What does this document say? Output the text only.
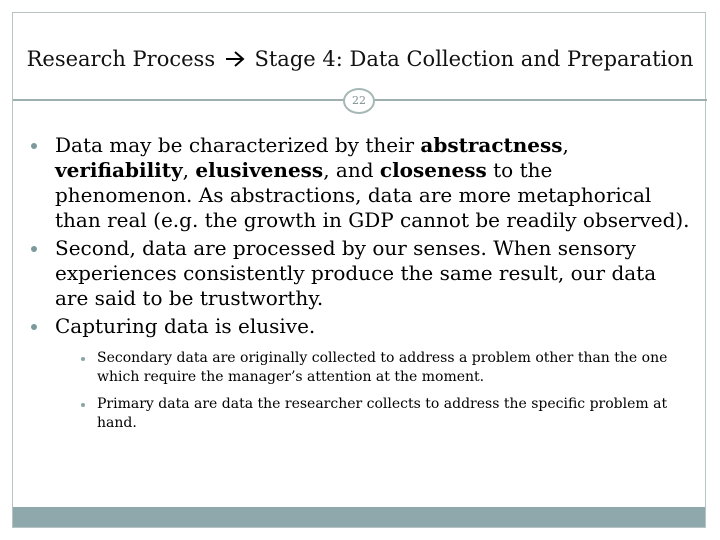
Research Process Stage 4: Data Collection and Preparation
22
Data may be characterized by their abstractness, verifiability, elusiveness, and closeness to the phenomenon. As abstractions, data are more metaphorical than real (e.g. the growth in GDP cannot be readily observed).
Second, data are processed by our senses. When sensory experiences consistently produce the same result, our data are said to be trustworthy.
Capturing data is elusive.
Secondary data are originally collected to address a problem other than the one which require the manager’s attention at the moment.
Primary data are data the researcher collects to address the specific problem at hand.
